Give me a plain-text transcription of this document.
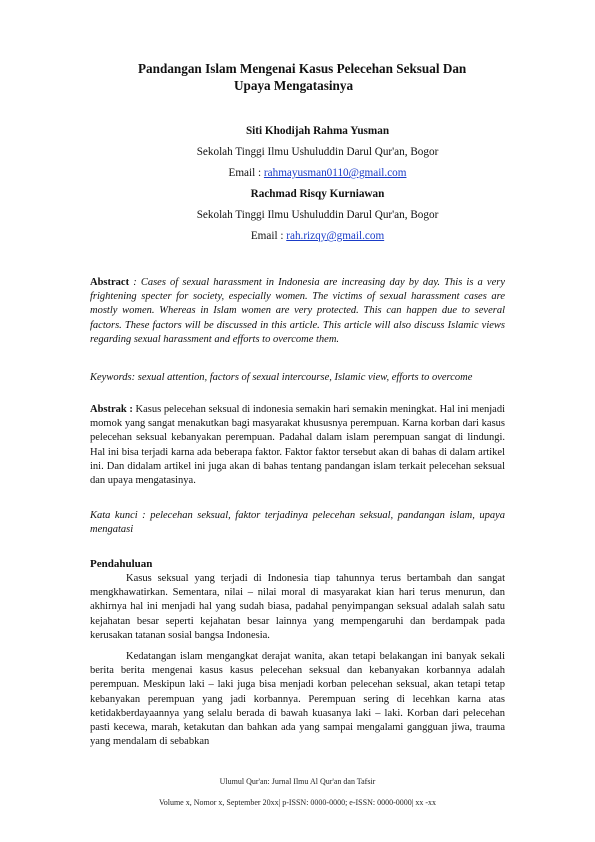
Pandangan Islam Mengenai Kasus Pelecehan Seksual Dan
Upaya Mengatasinya
Siti Khodijah Rahma Yusman
Sekolah Tinggi Ilmu Ushuluddin Darul Qur'an, Bogor
Email : rahmayusman0110@gmail.com
Rachmad Risqy Kurniawan
Sekolah Tinggi Ilmu Ushuluddin Darul Qur'an, Bogor
Email : rah.rizqy@gmail.com
Abstract : Cases of sexual harassment in Indonesia are increasing day by day. This is a very frightening specter for society, especially women. The victims of sexual harassment cases are mostly women. Whereas in Islam women are very protected. This can happen due to several factors. These factors will be discussed in this article. This article will also discuss Islamic views regarding sexual harassment and efforts to overcome them.
Keywords: sexual attention, factors of sexual intercourse, Islamic view, efforts to overcome
Abstrak : Kasus pelecehan seksual di indonesia semakin hari semakin meningkat. Hal ini menjadi momok yang sangat menakutkan bagi masyarakat khususnya perempuan. Karna korban dari kasus pelecehan seksual kebanyakan perempuan. Padahal dalam islam perempuan sangat di lindungi. Hal ini bisa terjadi karna ada beberapa faktor. Faktor faktor tersebut akan di bahas di dalam artikel ini. Dan didalam artikel ini juga akan di bahas tentang pandangan islam terkait pelecehan seksual dan upaya mengatasinya.
Kata kunci : pelecehan seksual, faktor terjadinya pelecehan seksual, pandangan islam, upaya mengatasi
Pendahuluan
Kasus seksual yang terjadi di Indonesia tiap tahunnya terus bertambah dan sangat mengkhawatirkan. Sementara, nilai – nilai moral di masyarakat kian hari terus menurun, dan akhirnya hal ini menjadi hal yang sudah biasa, padahal penyimpangan seksual adalah salah satu kejahatan besar seperti kejahatan besar lainnya yang mempengaruhi dan berdampak pada kerusakan tatanan sosial bangsa Indonesia.
Kedatangan islam mengangkat derajat wanita, akan tetapi belakangan ini banyak sekali berita berita mengenai kasus kasus pelecehan seksual dan kebanyakan korbannya adalah perempuan. Meskipun laki – laki juga bisa menjadi korban pelecehan seksual, akan tetapi tetap kebanyakan perempuan yang jadi korbannya. Perempuan sering di lecehkan karna atas ketidakberdayaannya yang selalu berada di bawah kuasanya laki – laki. Korban dari pelecehan pasti kecewa, marah, ketakutan dan bahkan ada yang sampai mengalami gangguan jiwa, trauma yang mendalam di sebabkan
Ulumul Qur'an: Jurnal Ilmu Al Qur'an dan Tafsir
Volume x, Nomor x, September 20xx| p-ISSN: 0000-0000; e-ISSN: 0000-0000| xx -xx
